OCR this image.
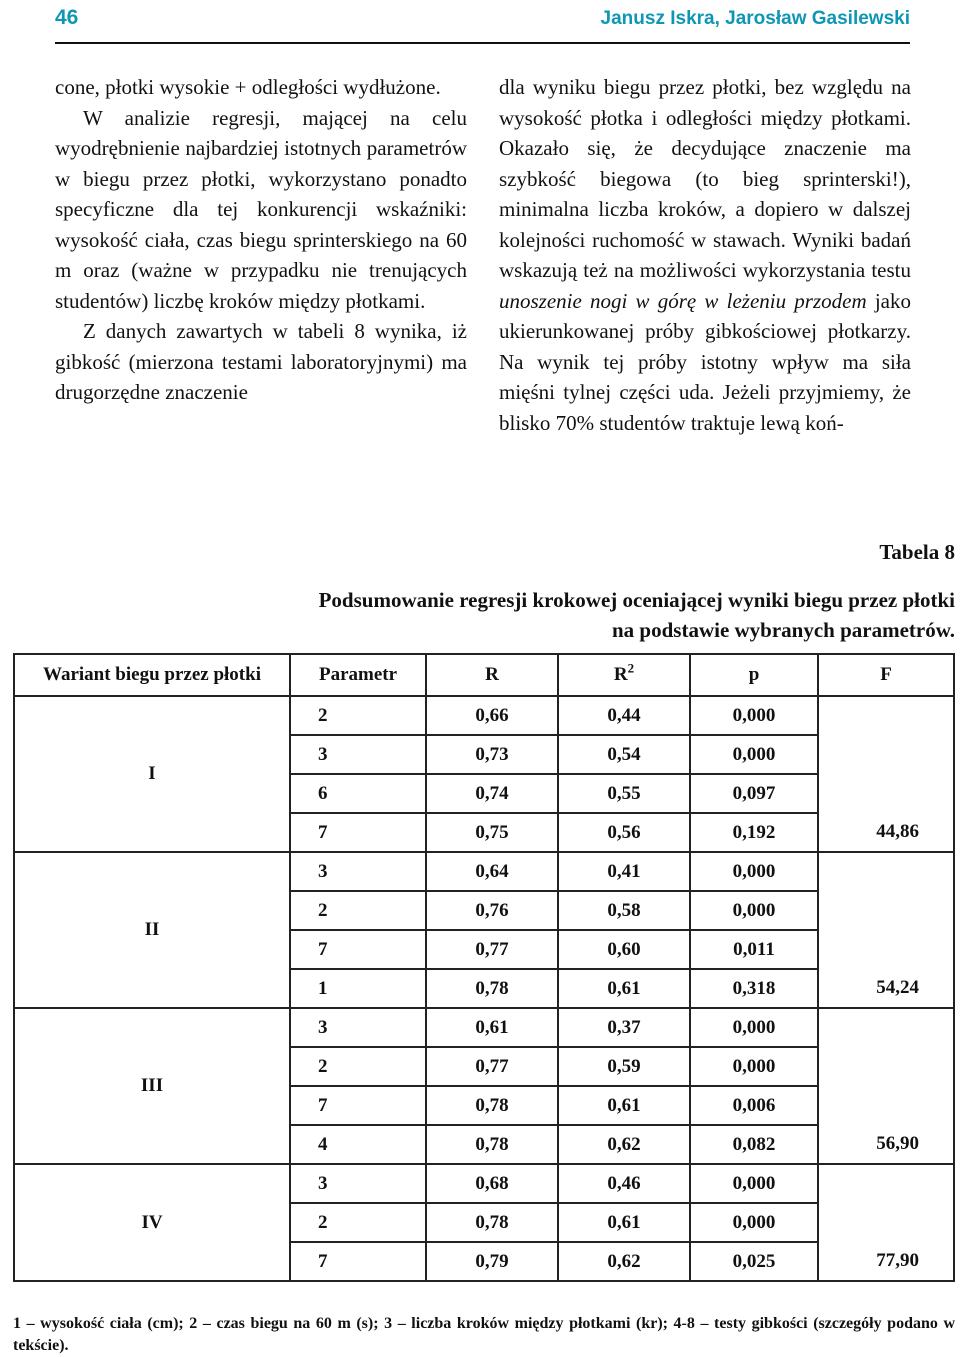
46	Janusz Iskra, Jarosław Gasilewski

cone, płotki wysokie + odległości wydłużone.

W analizie regresji, mającej na celu wyodrębnienie najbardziej istotnych parametrów w biegu przez płotki, wykorzystano ponadto specyficzne dla tej konkurencji wskaźniki: wysokość ciała, czas biegu sprinterskiego na 60 m oraz (ważne w przypadku nie trenujących studentów) liczbę kroków między płotkami.

Z danych zawartych w tabeli 8 wynika, iż gibkość (mierzona testami laboratoryjnymi) ma drugorzędne znaczenie

dla wyniku biegu przez płotki, bez względu na wysokość płotka i odległości między płotkami. Okazało się, że decydujące znaczenie ma szybkość biegowa (to bieg sprinterski!), minimalna liczba kroków, a dopiero w dalszej kolejności ruchomość w stawach. Wyniki badań wskazują też na możliwości wykorzystania testu unoszenie nogi w górę w leżeniu przodem jako ukierunkowanej próby gibkościowej płotkarzy. Na wynik tej próby istotny wpływ ma siła mięśni tylnej części uda. Jeżeli przyjmiemy, że blisko 70% studentów traktuje lewą koń-

Tabela 8
Podsumowanie regresji krokowej oceniającej wyniki biegu przez płotki
na podstawie wybranych parametrów.
Wariant biegu przez płotki	Parametr	R	$R^2$	p	F
I	2	0,66	0,44	0,000	
	3	0,73	0,54	0,000	
	6	0,74	0,55	0,097	
	7	0,75	0,56	0,192	44,86
II	3	0,64	0,41	0,000	
	2	0,76	0,58	0,000	
	7	0,77	0,60	0,011	
	1	0,78	0,61	0,318	54,24
III	3	0,61	0,37	0,000	
	2	0,77	0,59	0,000	
	7	0,78	0,61	0,006	
	4	0,78	0,62	0,082	56,90
IV	3	0,68	0,46	0,000	
	2	0,78	0,61	0,000	
	7	0,79	0,62	0,025	77,90
1 – wysokość ciała (cm); 2 – czas biegu na 60 m (s); 3 – liczba kroków między płotkami (kr); 4-8 – testy gibkości (szczegóły podano w tekście).
